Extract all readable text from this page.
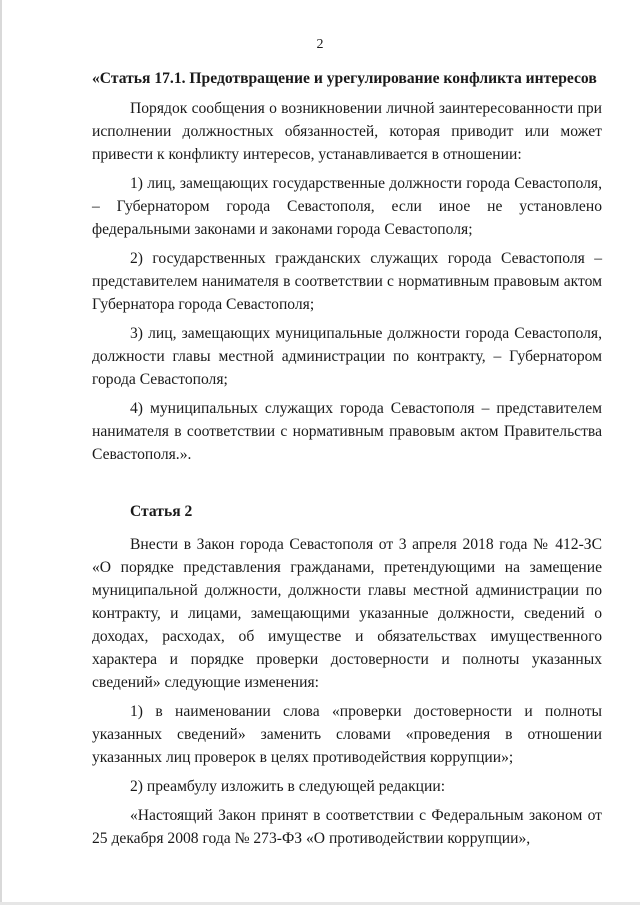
2
«Статья 17.1. Предотвращение и урегулирование конфликта интересов

Порядок сообщения о возникновении личной заинтересованности при исполнении должностных обязанностей, которая приводит или может привести к конфликту интересов, устанавливается в отношении:

1) лиц, замещающих государственные должности города Севастополя, – Губернатором города Севастополя, если иное не установлено федеральными законами и законами города Севастополя;

2) государственных гражданских служащих города Севастополя – представителем нанимателя в соответствии с нормативным правовым актом Губернатора города Севастополя;

3) лиц, замещающих муниципальные должности города Севастополя, должности главы местной администрации по контракту, – Губернатором города Севастополя;

4) муниципальных служащих города Севастополя – представителем нанимателя в соответствии с нормативным правовым актом Правительства Севастополя.».

Статья 2

Внести в Закон города Севастополя от 3 апреля 2018 года № 412-ЗС «О порядке представления гражданами, претендующими на замещение муниципальной должности, должности главы местной администрации по контракту, и лицами, замещающими указанные должности, сведений о доходах, расходах, об имуществе и обязательствах имущественного характера и порядке проверки достоверности и полноты указанных сведений» следующие изменения:

1) в наименовании слова «проверки достоверности и полноты указанных сведений» заменить словами «проведения в отношении указанных лиц проверок в целях противодействия коррупции»;

2) преамбулу изложить в следующей редакции:

«Настоящий Закон принят в соответствии с Федеральным законом от 25 декабря 2008 года № 273-ФЗ «О противодействии коррупции»,
